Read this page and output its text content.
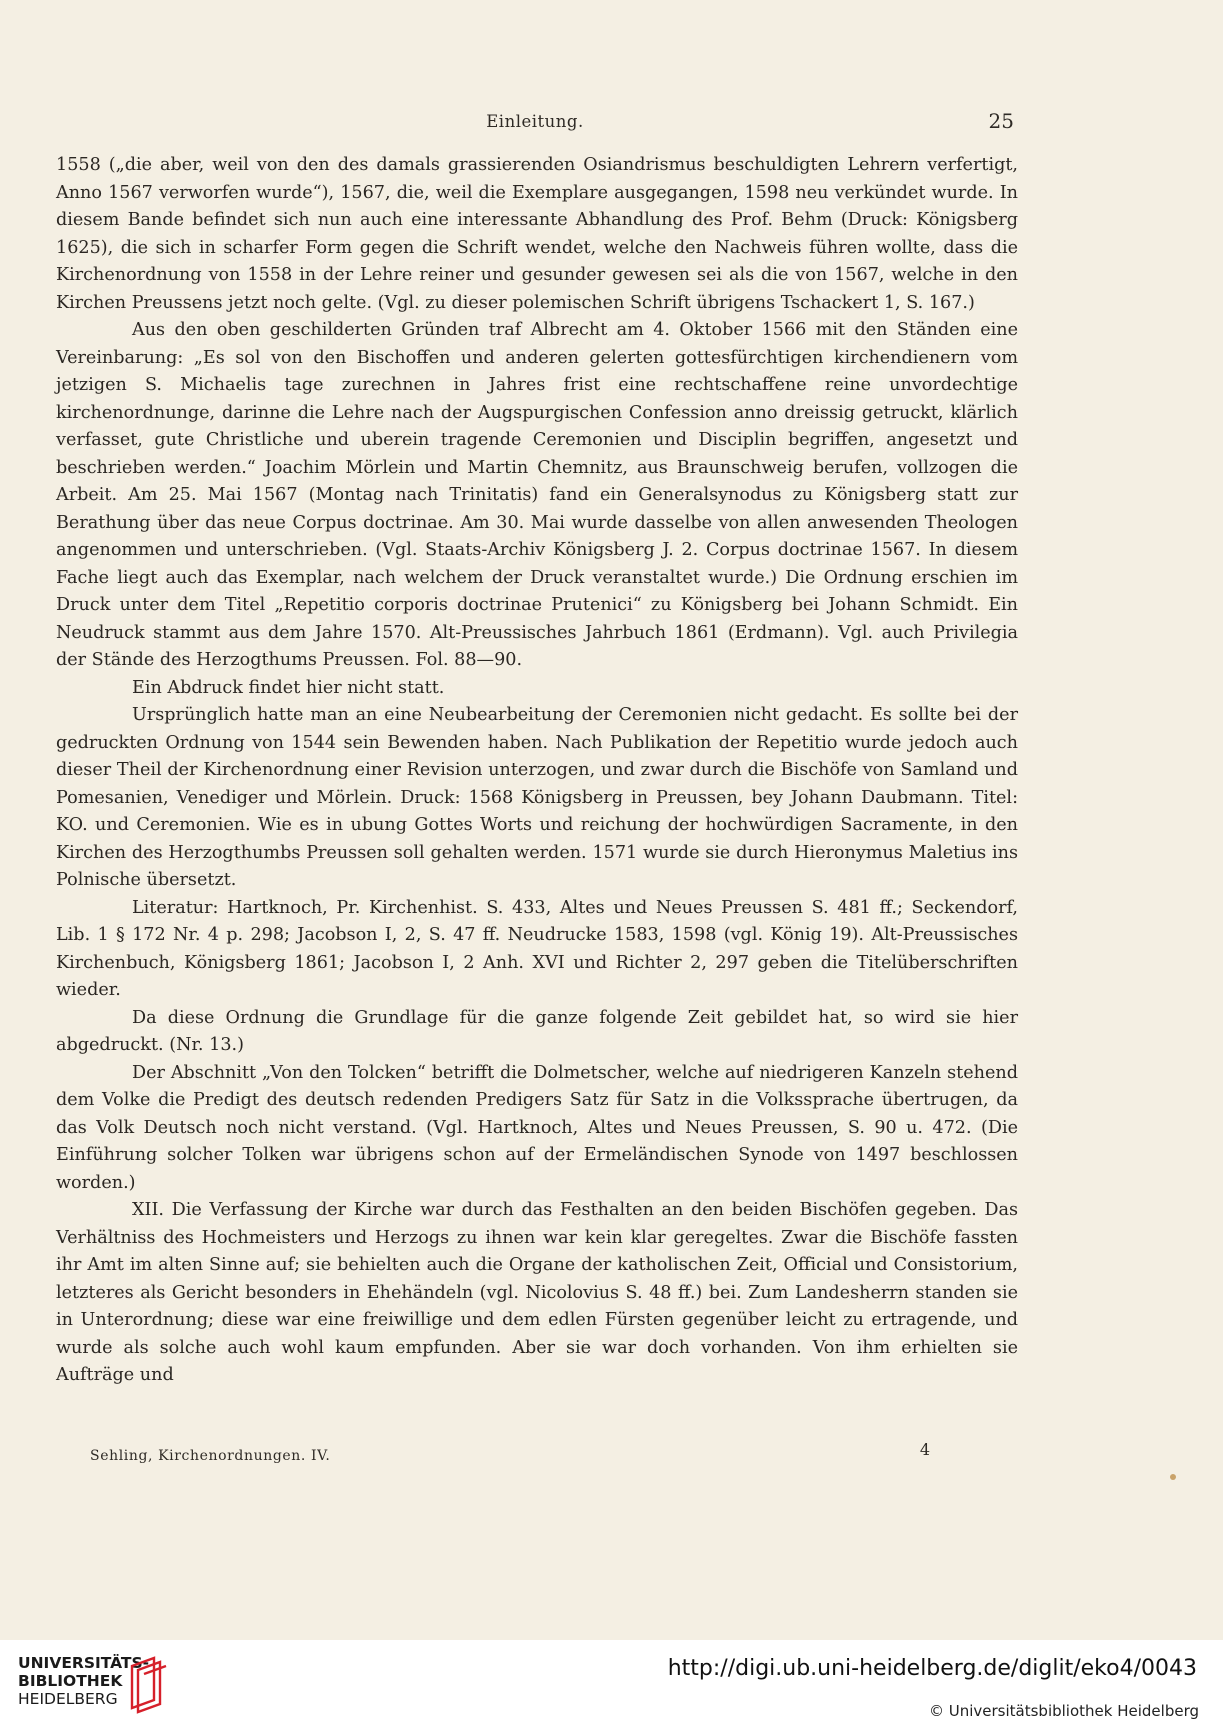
Einleitung.	25

1558 („die aber, weil von den des damals grassierenden Osiandrismus beschuldigten Lehrern verfertigt, Anno 1567 verworfen wurde“), 1567, die, weil die Exemplare ausgegangen, 1598 neu verkündet wurde. In diesem Bande befindet sich nun auch eine interessante Abhandlung des Prof. Behm (Druck: Königsberg 1625), die sich in scharfer Form gegen die Schrift wendet, welche den Nachweis führen wollte, dass die Kirchenordnung von 1558 in der Lehre reiner und gesunder gewesen sei als die von 1567, welche in den Kirchen Preussens jetzt noch gelte. (Vgl. zu dieser polemischen Schrift übrigens Tschackert 1, S. 167.)

Aus den oben geschilderten Gründen traf Albrecht am 4. Oktober 1566 mit den Ständen eine Vereinbarung: „Es sol von den Bischoffen und anderen gelerten gottesfürchtigen kirchendienern vom jetzigen S. Michaelis tage zurechnen in Jahres frist eine rechtschaffene reine unvordechtige kirchenordnunge, darinne die Lehre nach der Augspurgischen Confession anno dreissig getruckt, klärlich verfasset, gute Christliche und uberein tragende Ceremonien und Disciplin begriffen, angesetzt und beschrieben werden.“ Joachim Mörlein und Martin Chemnitz, aus Braunschweig berufen, vollzogen die Arbeit. Am 25. Mai 1567 (Montag nach Trinitatis) fand ein Generalsynodus zu Königsberg statt zur Berathung über das neue Corpus doctrinae. Am 30. Mai wurde dasselbe von allen anwesenden Theologen angenommen und unterschrieben. (Vgl. Staats-Archiv Königsberg J. 2. Corpus doctrinae 1567. In diesem Fache liegt auch das Exemplar, nach welchem der Druck veranstaltet wurde.) Die Ordnung erschien im Druck unter dem Titel „Repetitio corporis doctrinae Prutenici“ zu Königsberg bei Johann Schmidt. Ein Neudruck stammt aus dem Jahre 1570. Alt-Preussisches Jahrbuch 1861 (Erdmann). Vgl. auch Privilegia der Stände des Herzogthums Preussen. Fol. 88—90.

Ein Abdruck findet hier nicht statt.

Ursprünglich hatte man an eine Neubearbeitung der Ceremonien nicht gedacht. Es sollte bei der gedruckten Ordnung von 1544 sein Bewenden haben. Nach Publikation der Repetitio wurde jedoch auch dieser Theil der Kirchenordnung einer Revision unterzogen, und zwar durch die Bischöfe von Samland und Pomesanien, Venediger und Mörlein. Druck: 1568 Königsberg in Preussen, bey Johann Daubmann. Titel: KO. und Ceremonien. Wie es in ubung Gottes Worts und reichung der hochwürdigen Sacramente, in den Kirchen des Herzogthumbs Preussen soll gehalten werden. 1571 wurde sie durch Hieronymus Maletius ins Polnische übersetzt.

Literatur: Hartknoch, Pr. Kirchenhist. S. 433, Altes und Neues Preussen S. 481 ff.; Seckendorf, Lib. 1 § 172 Nr. 4 p. 298; Jacobson I, 2, S. 47 ff. Neudrucke 1583, 1598 (vgl. König 19). Alt-Preussisches Kirchenbuch, Königsberg 1861; Jacobson I, 2 Anh. XVI und Richter 2, 297 geben die Titelüberschriften wieder.

Da diese Ordnung die Grundlage für die ganze folgende Zeit gebildet hat, so wird sie hier abgedruckt. (Nr. 13.)

Der Abschnitt „Von den Tolcken“ betrifft die Dolmetscher, welche auf niedrigeren Kanzeln stehend dem Volke die Predigt des deutsch redenden Predigers Satz für Satz in die Volkssprache übertrugen, da das Volk Deutsch noch nicht verstand. (Vgl. Hartknoch, Altes und Neues Preussen, S. 90 u. 472. (Die Einführung solcher Tolken war übrigens schon auf der Ermeländischen Synode von 1497 beschlossen worden.)

XII. Die Verfassung der Kirche war durch das Festhalten an den beiden Bischöfen gegeben. Das Verhältniss des Hochmeisters und Herzogs zu ihnen war kein klar geregeltes. Zwar die Bischöfe fassten ihr Amt im alten Sinne auf; sie behielten auch die Organe der katholischen Zeit, Official und Consistorium, letzteres als Gericht besonders in Ehehändeln (vgl. Nicolovius S. 48 ff.) bei. Zum Landesherrn standen sie in Unterordnung; diese war eine freiwillige und dem edlen Fürsten gegenüber leicht zu ertragende, und wurde als solche auch wohl kaum empfunden. Aber sie war doch vorhanden. Von ihm erhielten sie Aufträge und

Sehling, Kirchenordnungen. IV.	4
UNIVERSITÄTS-
BIBLIOTHEK
HEIDELBERG
http://digi.ub.uni-heidelberg.de/diglit/eko4/0043
© Universitätsbibliothek Heidelberg
